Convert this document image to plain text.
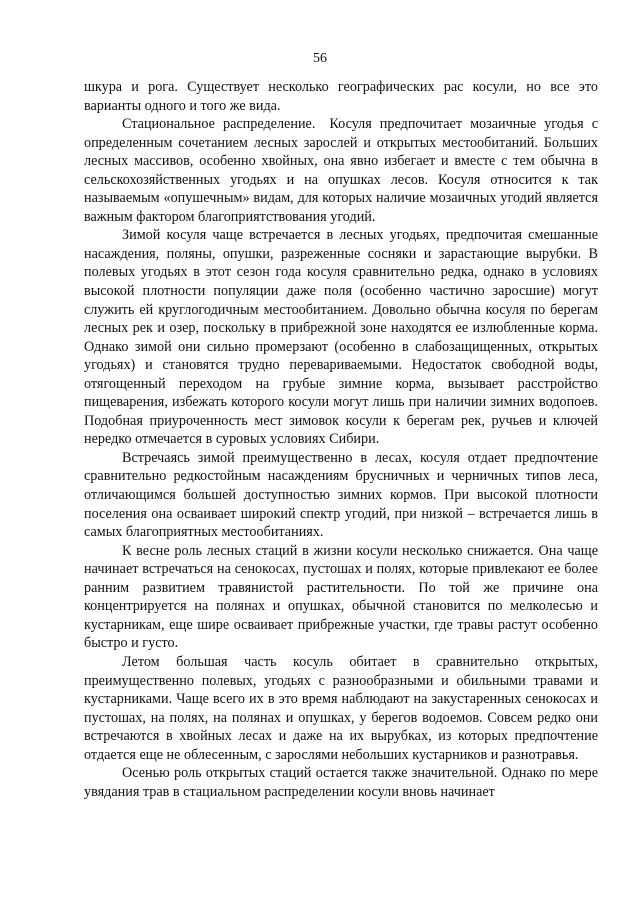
56

шкура и рога. Существует несколько географических рас косули, но все это варианты одного и того же вида.

Стациональное распределение. Косуля предпочитает мозаичные угодья с определенным сочетанием лесных зарослей и открытых местообитаний. Больших лесных массивов, особенно хвойных, она явно избегает и вместе с тем обычна в сельскохозяйственных угодьях и на опушках лесов. Косуля относится к так называемым «опушечным» видам, для которых наличие мозаичных угодий является важным фактором благоприятствования угодий.

Зимой косуля чаще встречается в лесных угодьях, предпочитая смешанные насаждения, поляны, опушки, разреженные сосняки и зарастающие вырубки. В полевых угодьях в этот сезон года косуля сравнительно редка, однако в условиях высокой плотности популяции даже поля (особенно частично заросшие) могут служить ей круглогодичным местообитанием. Довольно обычна косуля по берегам лесных рек и озер, поскольку в прибрежной зоне находятся ее излюбленные корма. Однако зимой они сильно промерзают (особенно в слабозащищенных, открытых угодьях) и становятся трудно перевариваемыми. Недостаток свободной воды, отягощенный переходом на грубые зимние корма, вызывает расстройство пищеварения, избежать которого косули могут лишь при наличии зимних водопоев. Подобная приуроченность мест зимовок косули к берегам рек, ручьев и ключей нередко отмечается в суровых условиях Сибири.

Встречаясь зимой преимущественно в лесах, косуля отдает предпочтение сравнительно редкостойным насаждениям брусничных и черничных типов леса, отличающимся большей доступностью зимних кормов. При высокой плотности поселения она осваивает широкий спектр угодий, при низкой – встречается лишь в самых благоприятных местообитаниях.

К весне роль лесных стаций в жизни косули несколько снижается. Она чаще начинает встречаться на сенокосах, пустошах и полях, которые привлекают ее более ранним развитием травянистой растительности. По той же причине она концентрируется на полянах и опушках, обычной становится по мелколесью и кустарникам, еще шире осваивает прибрежные участки, где травы растут особенно быстро и густо.

Летом большая часть косуль обитает в сравнительно открытых, преимущественно полевых, угодьях с разнообразными и обильными травами и кустарниками. Чаще всего их в это время наблюдают на закустаренных сенокосах и пустошах, на полях, на полянах и опушках, у берегов водоемов. Совсем редко они встречаются в хвойных лесах и даже на их вырубках, из которых предпочтение отдается еще не облесенным, с зарослями небольших кустарников и разнотравья.

Осенью роль открытых стаций остается также значительной. Однако по мере увядания трав в стациальном распределении косули вновь начинает
